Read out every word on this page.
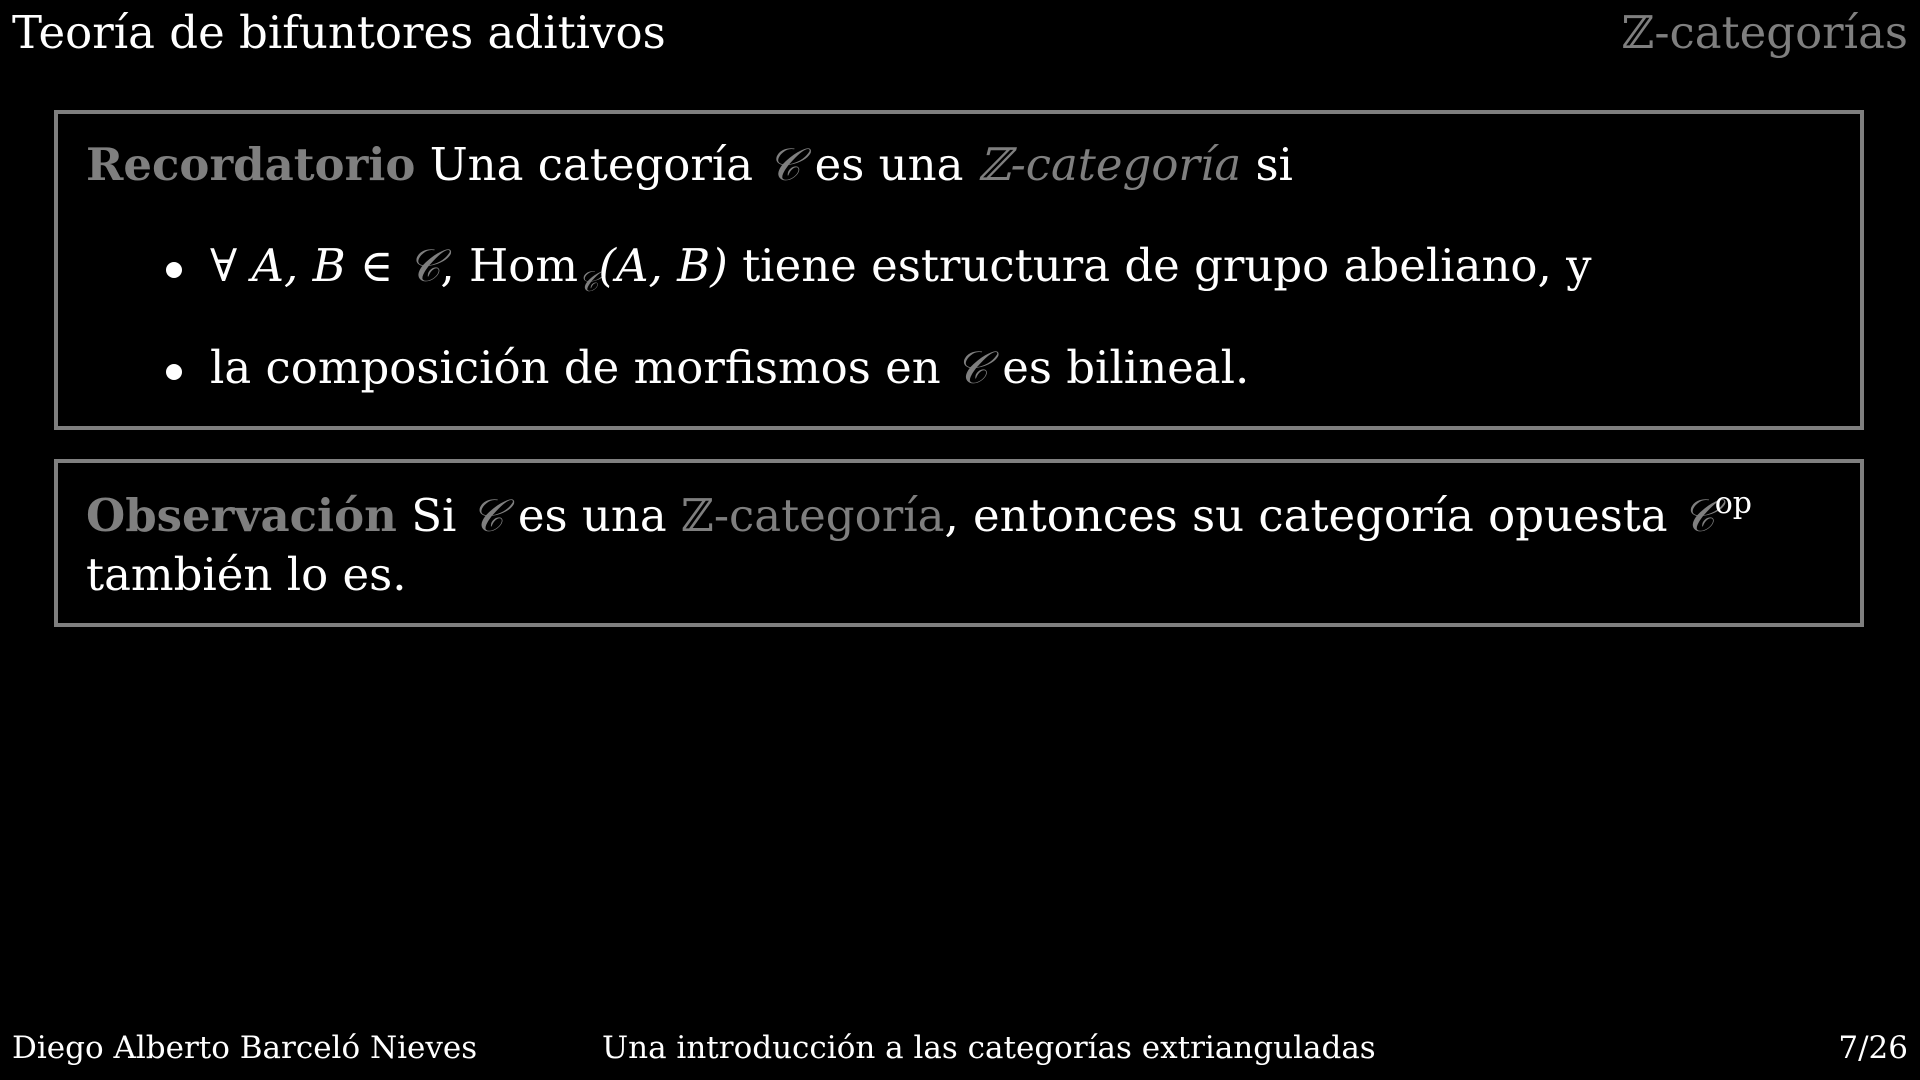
Teoría de bifuntores aditivos	ℤ-categorías
Recordatorio Una categoría 𝒞 es una ℤ-categoría si
∀ A, B ∈ 𝒞, Hom$_𝒞$(A, B) tiene estructura de grupo abeliano, y
la composición de morfismos en 𝒞 es bilineal.
Observación Si 𝒞 es una ℤ-categoría, entonces su categoría opuesta 𝒞$^{op}$
también lo es.
Diego Alberto Barceló Nieves	Una introducción a las categorías extrianguladas	7/26
